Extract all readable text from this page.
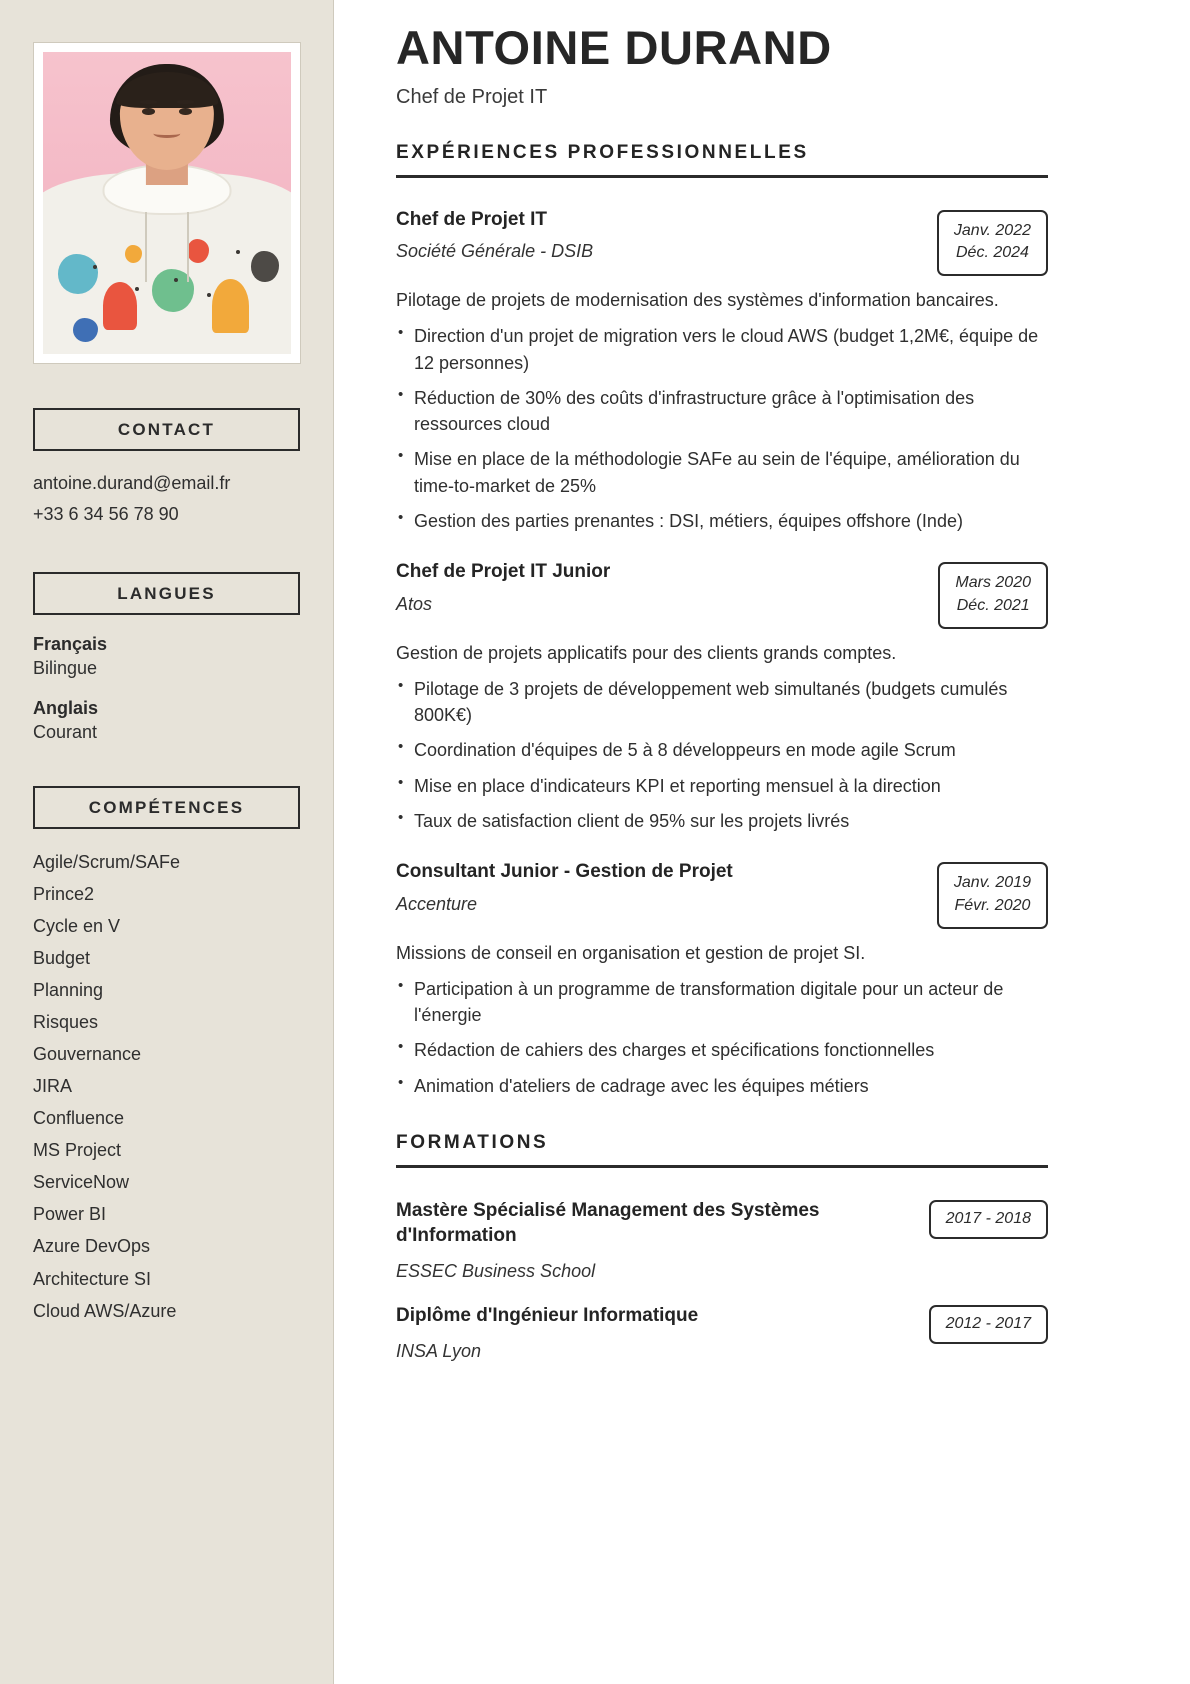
CONTACT
antoine.durand@email.fr
+33 6 34 56 78 90
LANGUES
Français
Bilingue
Anglais
Courant
COMPÉTENCES
Agile/Scrum/SAFe
Prince2
Cycle en V
Budget
Planning
Risques
Gouvernance
JIRA
Confluence
MS Project
ServiceNow
Power BI
Azure DevOps
Architecture SI
Cloud AWS/Azure
ANTOINE DURAND
Chef de Projet IT
EXPÉRIENCES PROFESSIONNELLES
Chef de Projet IT
Société Générale - DSIB
Janv. 2022
Déc. 2024
Pilotage de projets de modernisation des systèmes d'information bancaires.
• Direction d'un projet de migration vers le cloud AWS (budget 1,2M€, équipe de 12 personnes)
• Réduction de 30% des coûts d'infrastructure grâce à l'optimisation des ressources cloud
• Mise en place de la méthodologie SAFe au sein de l'équipe, amélioration du time-to-market de 25%
• Gestion des parties prenantes : DSI, métiers, équipes offshore (Inde)
Chef de Projet IT Junior
Atos
Mars 2020
Déc. 2021
Gestion de projets applicatifs pour des clients grands comptes.
• Pilotage de 3 projets de développement web simultanés (budgets cumulés 800K€)
• Coordination d'équipes de 5 à 8 développeurs en mode agile Scrum
• Mise en place d'indicateurs KPI et reporting mensuel à la direction
• Taux de satisfaction client de 95% sur les projets livrés
Consultant Junior - Gestion de Projet
Accenture
Janv. 2019
Févr. 2020
Missions de conseil en organisation et gestion de projet SI.
• Participation à un programme de transformation digitale pour un acteur de l'énergie
• Rédaction de cahiers des charges et spécifications fonctionnelles
• Animation d'ateliers de cadrage avec les équipes métiers
FORMATIONS
Mastère Spécialisé Management des Systèmes d'Information
ESSEC Business School
2017 - 2018
Diplôme d'Ingénieur Informatique
INSA Lyon
2012 - 2017
